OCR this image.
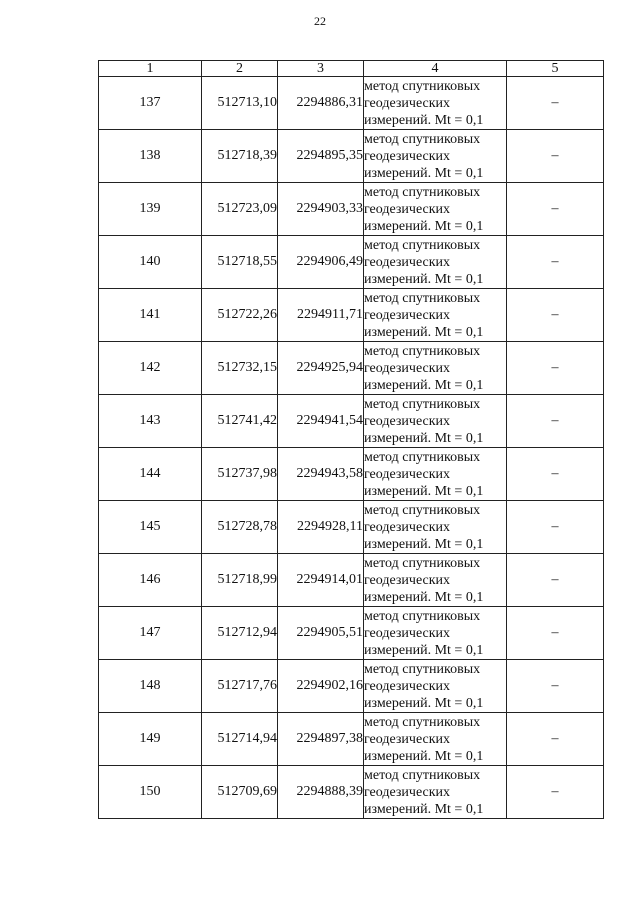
22
1	2	3	4	5
137	512713,10	2294886,31	метод спутниковых
геодезических
измерений. Mt = 0,1	–
138	512718,39	2294895,35	метод спутниковых
геодезических
измерений. Mt = 0,1	–
139	512723,09	2294903,33	метод спутниковых
геодезических
измерений. Mt = 0,1	–
140	512718,55	2294906,49	метод спутниковых
геодезических
измерений. Mt = 0,1	–
141	512722,26	2294911,71	метод спутниковых
геодезических
измерений. Mt = 0,1	–
142	512732,15	2294925,94	метод спутниковых
геодезических
измерений. Mt = 0,1	–
143	512741,42	2294941,54	метод спутниковых
геодезических
измерений. Mt = 0,1	–
144	512737,98	2294943,58	метод спутниковых
геодезических
измерений. Mt = 0,1	–
145	512728,78	2294928,11	метод спутниковых
геодезических
измерений. Mt = 0,1	–
146	512718,99	2294914,01	метод спутниковых
геодезических
измерений. Mt = 0,1	–
147	512712,94	2294905,51	метод спутниковых
геодезических
измерений. Mt = 0,1	–
148	512717,76	2294902,16	метод спутниковых
геодезических
измерений. Mt = 0,1	–
149	512714,94	2294897,38	метод спутниковых
геодезических
измерений. Mt = 0,1	–
150	512709,69	2294888,39	метод спутниковых
геодезических
измерений. Mt = 0,1	–
